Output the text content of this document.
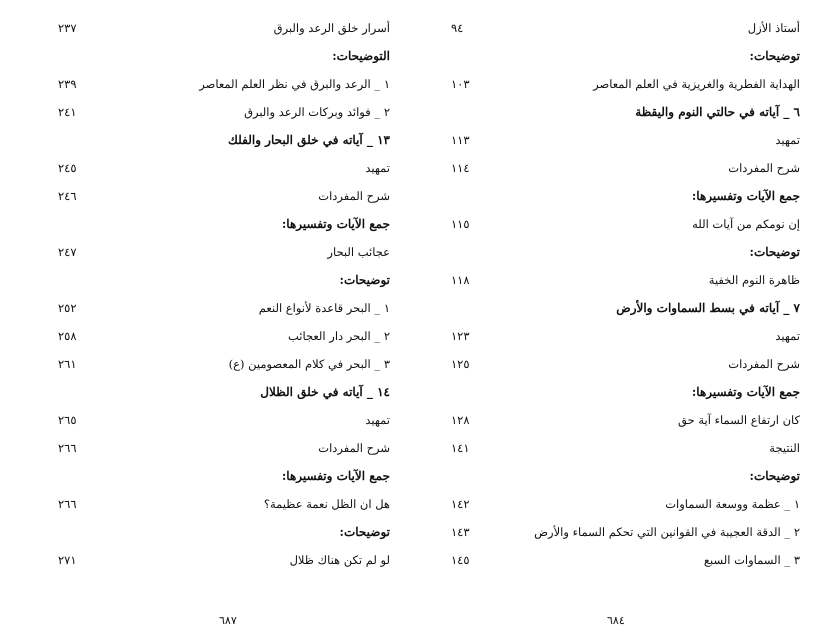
أسرار خلق الرعد والبرق
٢٣٧
التوضيحات:
١ _ الرعد والبرق في نظر العلم المعاصر
٢٣٩
٢ _ فوائد وبركات الرعد والبرق
٢٤١
١٣ _ آياته في خلق البحار والفلك
تمهيد
٢٤٥
شرح المفردات
٢٤٦
جمع الآيات وتفسيرها:
عجائب البحار
٢٤٧
توضيحات:
١ _ البحر قاعدة لأنواع النعم
٢٥٢
٢ _ البحر دار العجائب
٢٥٨
٣ _ البحر في كلام المعصومين (ع)
٢٦١
١٤ _ آياته في خلق الظلال
تمهيد
٢٦٥
شرح المفردات
٢٦٦
جمع الآيات وتفسيرها:
هل ان الظل نعمة عظيمة؟
٢٦٦
توضيحات:
لو لم تكن هناك ظلال
٢٧١
٦٨٧
أستاذ الأزل
٩٤
توضيحات:
الهداية الفطرية والغريزية في العلم المعاصر
١٠٣
٦ _ آياته في حالتي النوم واليقظة
تمهيد
١١٣
شرح المفردات
١١٤
جمع الآيات وتفسيرها:
إن نومكم من آيات الله
١١٥
توضيحات:
ظاهرة النوم الخفية
١١٨
٧ _ آياته في بسط السماوات والأرض
تمهيد
١٢٣
شرح المفردات
١٢٥
جمع الآيات وتفسيرها:
كان ارتفاع السماء آية حق
١٢٨
النتيجة
١٤١
توضيحات:
١ _ عظمة ووسعة السماوات
١٤٢
٢ _ الدقة العجيبة في القوانين التي تحكم السماء والأرض
١٤٣
٣ _ السماوات السبع
١٤٥
٦٨٤
